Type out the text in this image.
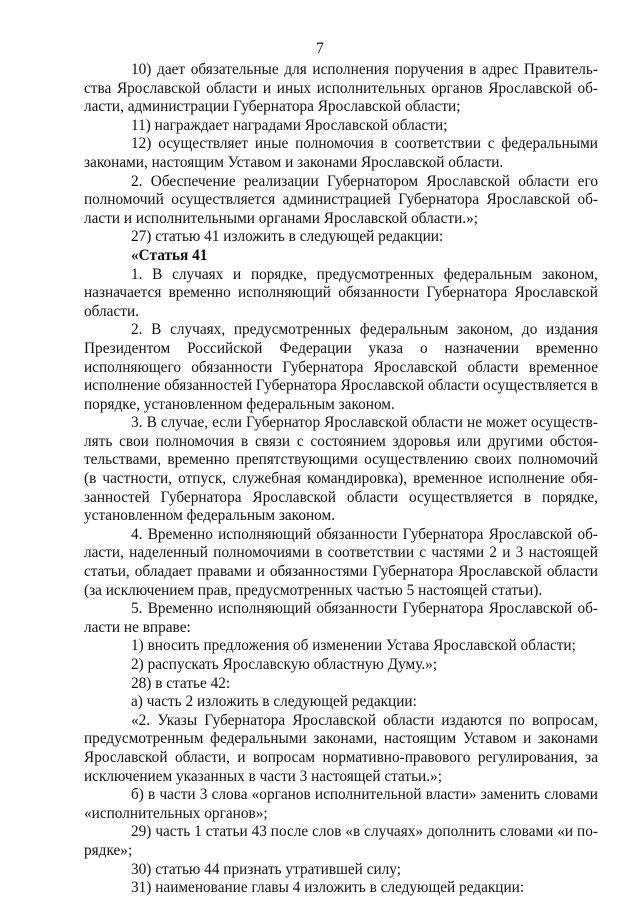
7

10) дает обязательные для исполнения поручения в адрес Правительства Ярославской области и иных исполнительных органов Ярославской области, администрации Губернатора Ярославской области;

11) награждает наградами Ярославской области;

12) осуществляет иные полномочия в соответствии с федеральными законами, настоящим Уставом и законами Ярославской области.

2. Обеспечение реализации Губернатором Ярославской области его полномочий осуществляется администрацией Губернатора Ярославской области и исполнительными органами Ярославской области.»;

27) статью 41 изложить в следующей редакции:

«Статья 41

1. В случаях и порядке, предусмотренных федеральным законом, назначается временно исполняющий обязанности Губернатора Ярославской области.

2. В случаях, предусмотренных федеральным законом, до издания Президентом Российской Федерации указа о назначении временно исполняющего обязанности Губернатора Ярославской области временное исполнение обязанностей Губернатора Ярославской области осуществляется в порядке, установленном федеральным законом.

3. В случае, если Губернатор Ярославской области не может осуществлять свои полномочия в связи с состоянием здоровья или другими обстоятельствами, временно препятствующими осуществлению своих полномочий (в частности, отпуск, служебная командировка), временное исполнение обязанностей Губернатора Ярославской области осуществляется в порядке, установленном федеральным законом.

4. Временно исполняющий обязанности Губернатора Ярославской области, наделенный полномочиями в соответствии с частями 2 и 3 настоящей статьи, обладает правами и обязанностями Губернатора Ярославской области (за исключением прав, предусмотренных частью 5 настоящей статьи).

5. Временно исполняющий обязанности Губернатора Ярославской области не вправе:

1) вносить предложения об изменении Устава Ярославской области;

2) распускать Ярославскую областную Думу.»;

28) в статье 42:

а) часть 2 изложить в следующей редакции:

«2. Указы Губернатора Ярославской области издаются по вопросам, предусмотренным федеральными законами, настоящим Уставом и законами Ярославской области, и вопросам нормативно-правового регулирования, за исключением указанных в части 3 настоящей статьи.»;

б) в части 3 слова «органов исполнительной власти» заменить словами «исполнительных органов»;

29) часть 1 статьи 43 после слов «в случаях» дополнить словами «и порядке»;

30) статью 44 признать утратившей силу;

31) наименование главы 4 изложить в следующей редакции:
